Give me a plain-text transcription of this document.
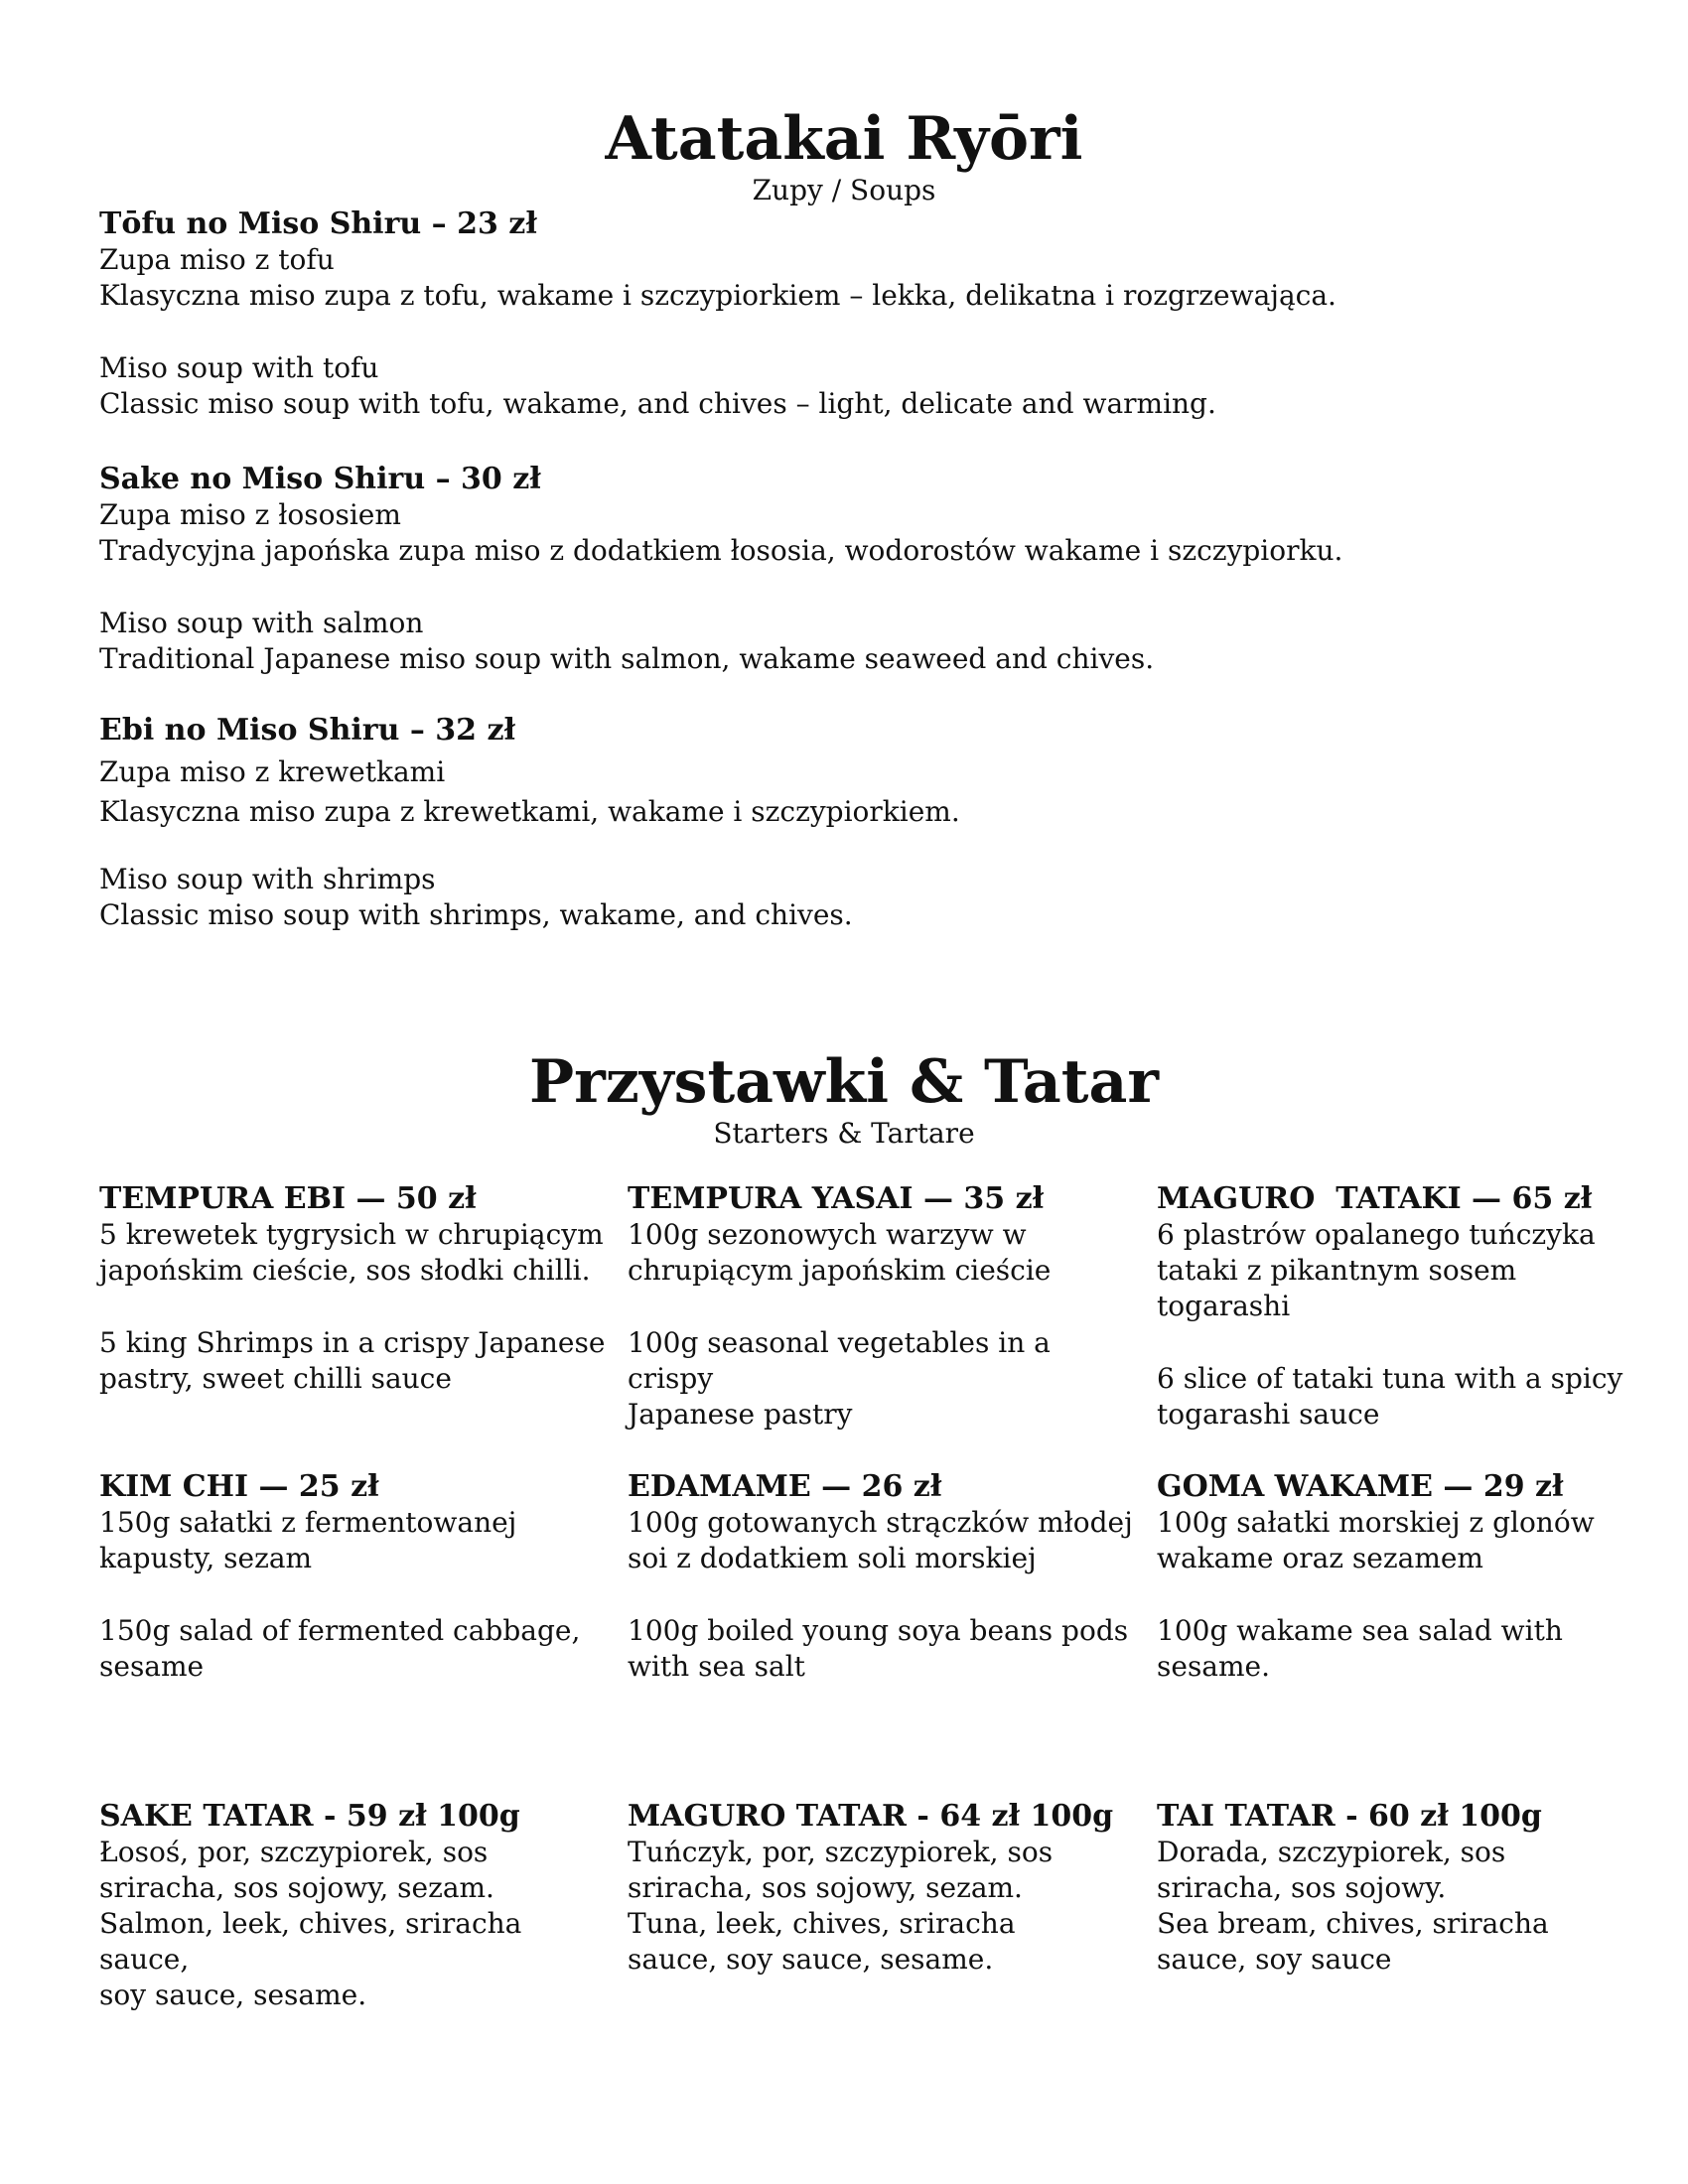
Atatakai Ryōri
Zupy / Soups
Tōfu no Miso Shiru – 23 zł
Zupa miso z tofu
Klasyczna miso zupa z tofu, wakame i szczypiorkiem – lekka, delikatna i rozgrzewająca.
Miso soup with tofu
Classic miso soup with tofu, wakame, and chives – light, delicate and warming.
Sake no Miso Shiru – 30 zł
Zupa miso z łososiem
Tradycyjna japońska zupa miso z dodatkiem łososia, wodorostów wakame i szczypiorku.
Miso soup with salmon
Traditional Japanese miso soup with salmon, wakame seaweed and chives.
Ebi no Miso Shiru – 32 zł
Zupa miso z krewetkami
Klasyczna miso zupa z krewetkami, wakame i szczypiorkiem.
Miso soup with shrimps
Classic miso soup with shrimps, wakame, and chives.
Przystawki & Tatar
Starters & Tartare
TEMPURA EBI — 50 zł
5 krewetek tygrysich w chrupiącym
japońskim cieście, sos słodki chilli.
5 king Shrimps in a crispy Japanese
pastry, sweet chilli sauce
TEMPURA YASAI — 35 zł
100g sezonowych warzyw w
chrupiącym japońskim cieście
100g seasonal vegetables in a crispy
Japanese pastry
MAGURO  TATAKI — 65 zł
6 plastrów opalanego tuńczyka
tataki z pikantnym sosem
togarashi
6 slice of tataki tuna with a spicy
togarashi sauce
KIM CHI — 25 zł
150g sałatki z fermentowanej
kapusty, sezam
150g salad of fermented cabbage,
sesame
EDAMAME — 26 zł
100g gotowanych strączków młodej
soi z dodatkiem soli morskiej
100g boiled young soya beans pods
with sea salt
GOMA WAKAME — 29 zł
100g sałatki morskiej z glonów
wakame oraz sezamem
100g wakame sea salad with
sesame.
SAKE TATAR - 59 zł 100g
Łosoś, por, szczypiorek, sos
sriracha, sos sojowy, sezam.
Salmon, leek, chives, sriracha sauce,
soy sauce, sesame.
MAGURO TATAR - 64 zł 100g
Tuńczyk, por, szczypiorek, sos
sriracha, sos sojowy, sezam.
Tuna, leek, chives, sriracha
sauce, soy sauce, sesame.
TAI TATAR - 60 zł 100g
Dorada, szczypiorek, sos
sriracha, sos sojowy.
Sea bream, chives, sriracha
sauce, soy sauce
